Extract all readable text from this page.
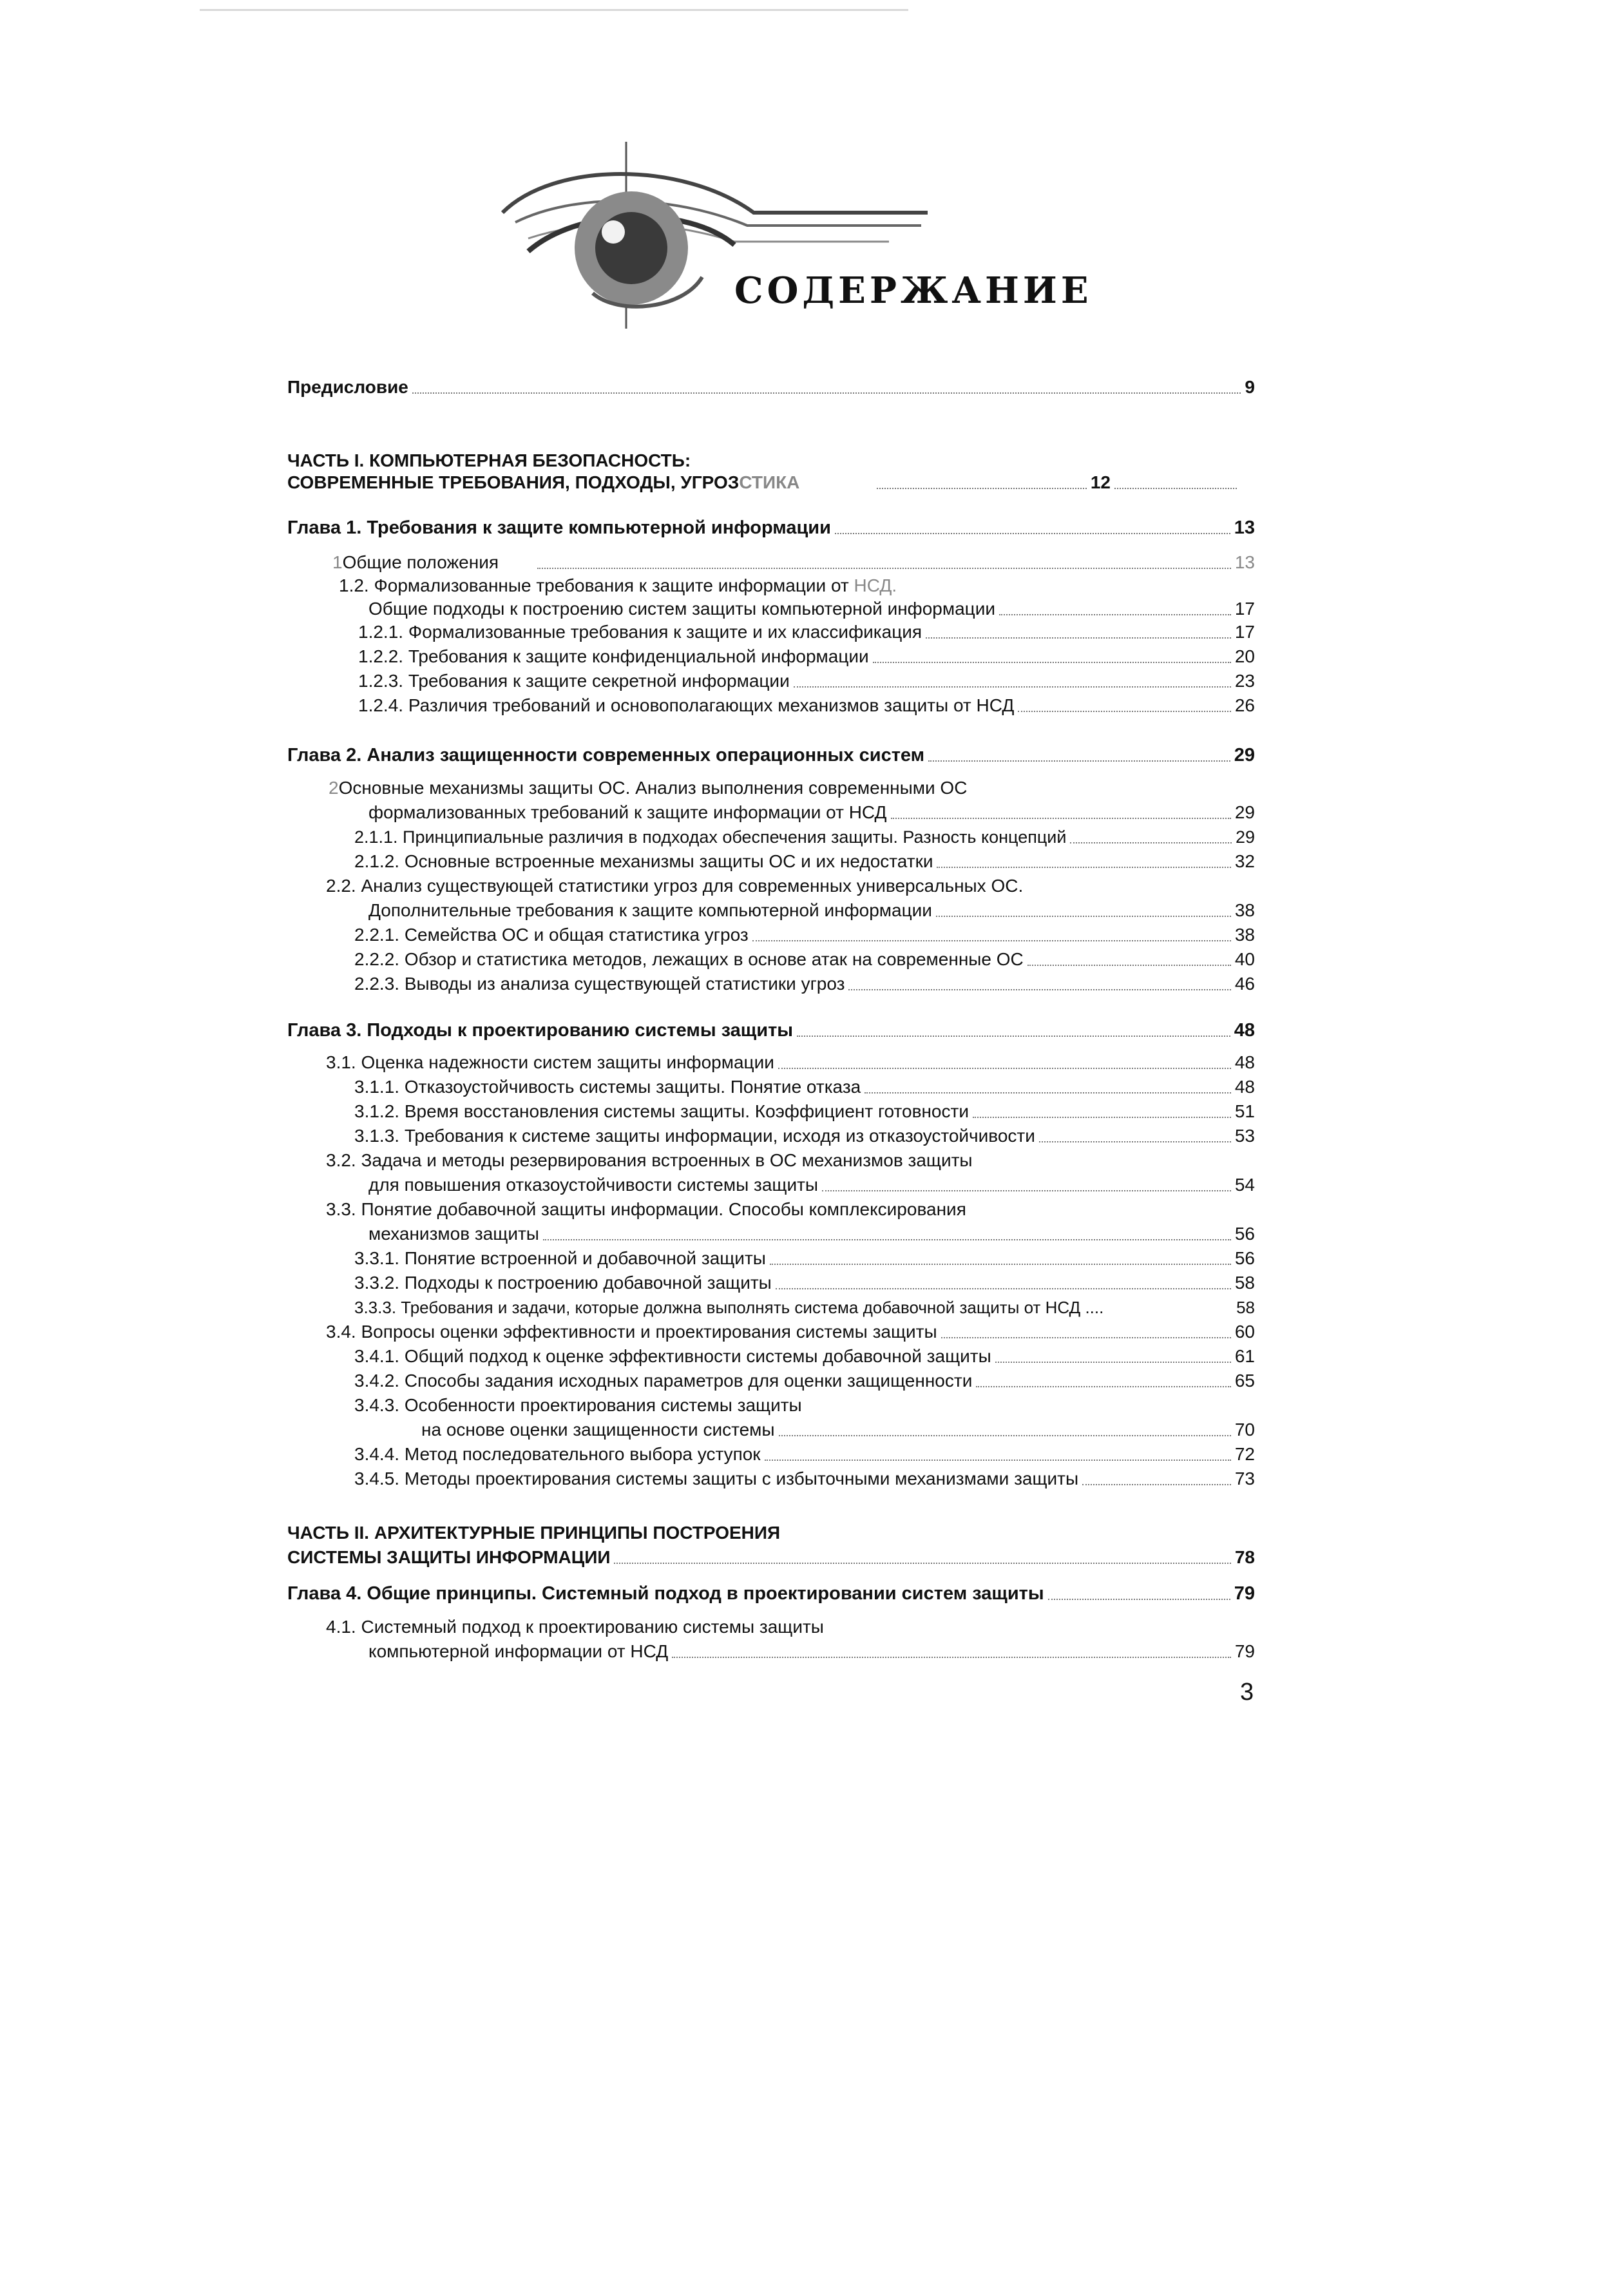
СОДЕРЖАНИЕ
Предисловие	9
ЧАСТЬ I. КОМПЬЮТЕРНАЯ БЕЗОПАСНОСТЬ:
СОВРЕМЕННЫЕ ТРЕБОВАНИЯ, ПОДХОДЫ, УГРОЗ СТИКА	12
Глава 1. Требования к защите компьютерной информации	13
1 Общие положения	13
1.2. Формализованные требования к защите информации от НСД.
Общие подходы к построению систем защиты компьютерной информации	17
1.2.1. Формализованные требования к защите и их классификация	17
1.2.2. Требования к защите конфиденциальной информации	20
1.2.3. Требования к защите секретной информации	23
1.2.4. Различия требований и основополагающих механизмов защиты от НСД	26
Глава 2. Анализ защищенности современных операционных систем	29
2Основные механизмы защиты ОС. Анализ выполнения современными ОС
формализованных требований к защите информации от НСД	29
2.1.1. Принципиальные различия в подходах обеспечения защиты. Разность концепций	29
2.1.2. Основные встроенные механизмы защиты ОС и их недостатки	32
2.2. Анализ существующей статистики угроз для современных универсальных ОС.
Дополнительные требования к защите компьютерной информации	38
2.2.1. Семейства ОС и общая статистика угроз	38
2.2.2. Обзор и статистика методов, лежащих в основе атак на современные ОС	40
2.2.3. Выводы из анализа существующей статистики угроз	46
Глава 3. Подходы к проектированию системы защиты	48
3.1. Оценка надежности систем защиты информации	48
3.1.1. Отказоустойчивость системы защиты. Понятие отказа	48
3.1.2. Время восстановления системы защиты. Коэффициент готовности	51
3.1.3. Требования к системе защиты информации, исходя из отказоустойчивости	53
3.2. Задача и методы резервирования встроенных в ОС механизмов защиты
для повышения отказоустойчивости системы защиты	54
3.3. Понятие добавочной защиты информации. Способы комплексирования
механизмов защиты	56
3.3.1. Понятие встроенной и добавочной защиты	56
3.3.2. Подходы к построению добавочной защиты	58
3.3.3. Требования и задачи, которые должна выполнять система добавочной защиты от НСД ....	58
3.4. Вопросы оценки эффективности и проектирования системы защиты	60
3.4.1. Общий подход к оценке эффективности системы добавочной защиты	61
3.4.2. Способы задания исходных параметров для оценки защищенности	65
3.4.3. Особенности проектирования системы защиты
на основе оценки защищенности системы	70
3.4.4. Метод последовательного выбора уступок	72
3.4.5. Методы проектирования системы защиты с избыточными механизмами защиты	73
ЧАСТЬ II. АРХИТЕКТУРНЫЕ ПРИНЦИПЫ ПОСТРОЕНИЯ
СИСТЕМЫ ЗАЩИТЫ ИНФОРМАЦИИ	78
Глава 4. Общие принципы. Системный подход в проектировании систем защиты	79
4.1. Системный подход к проектированию системы защиты
компьютерной информации от НСД	79
3
